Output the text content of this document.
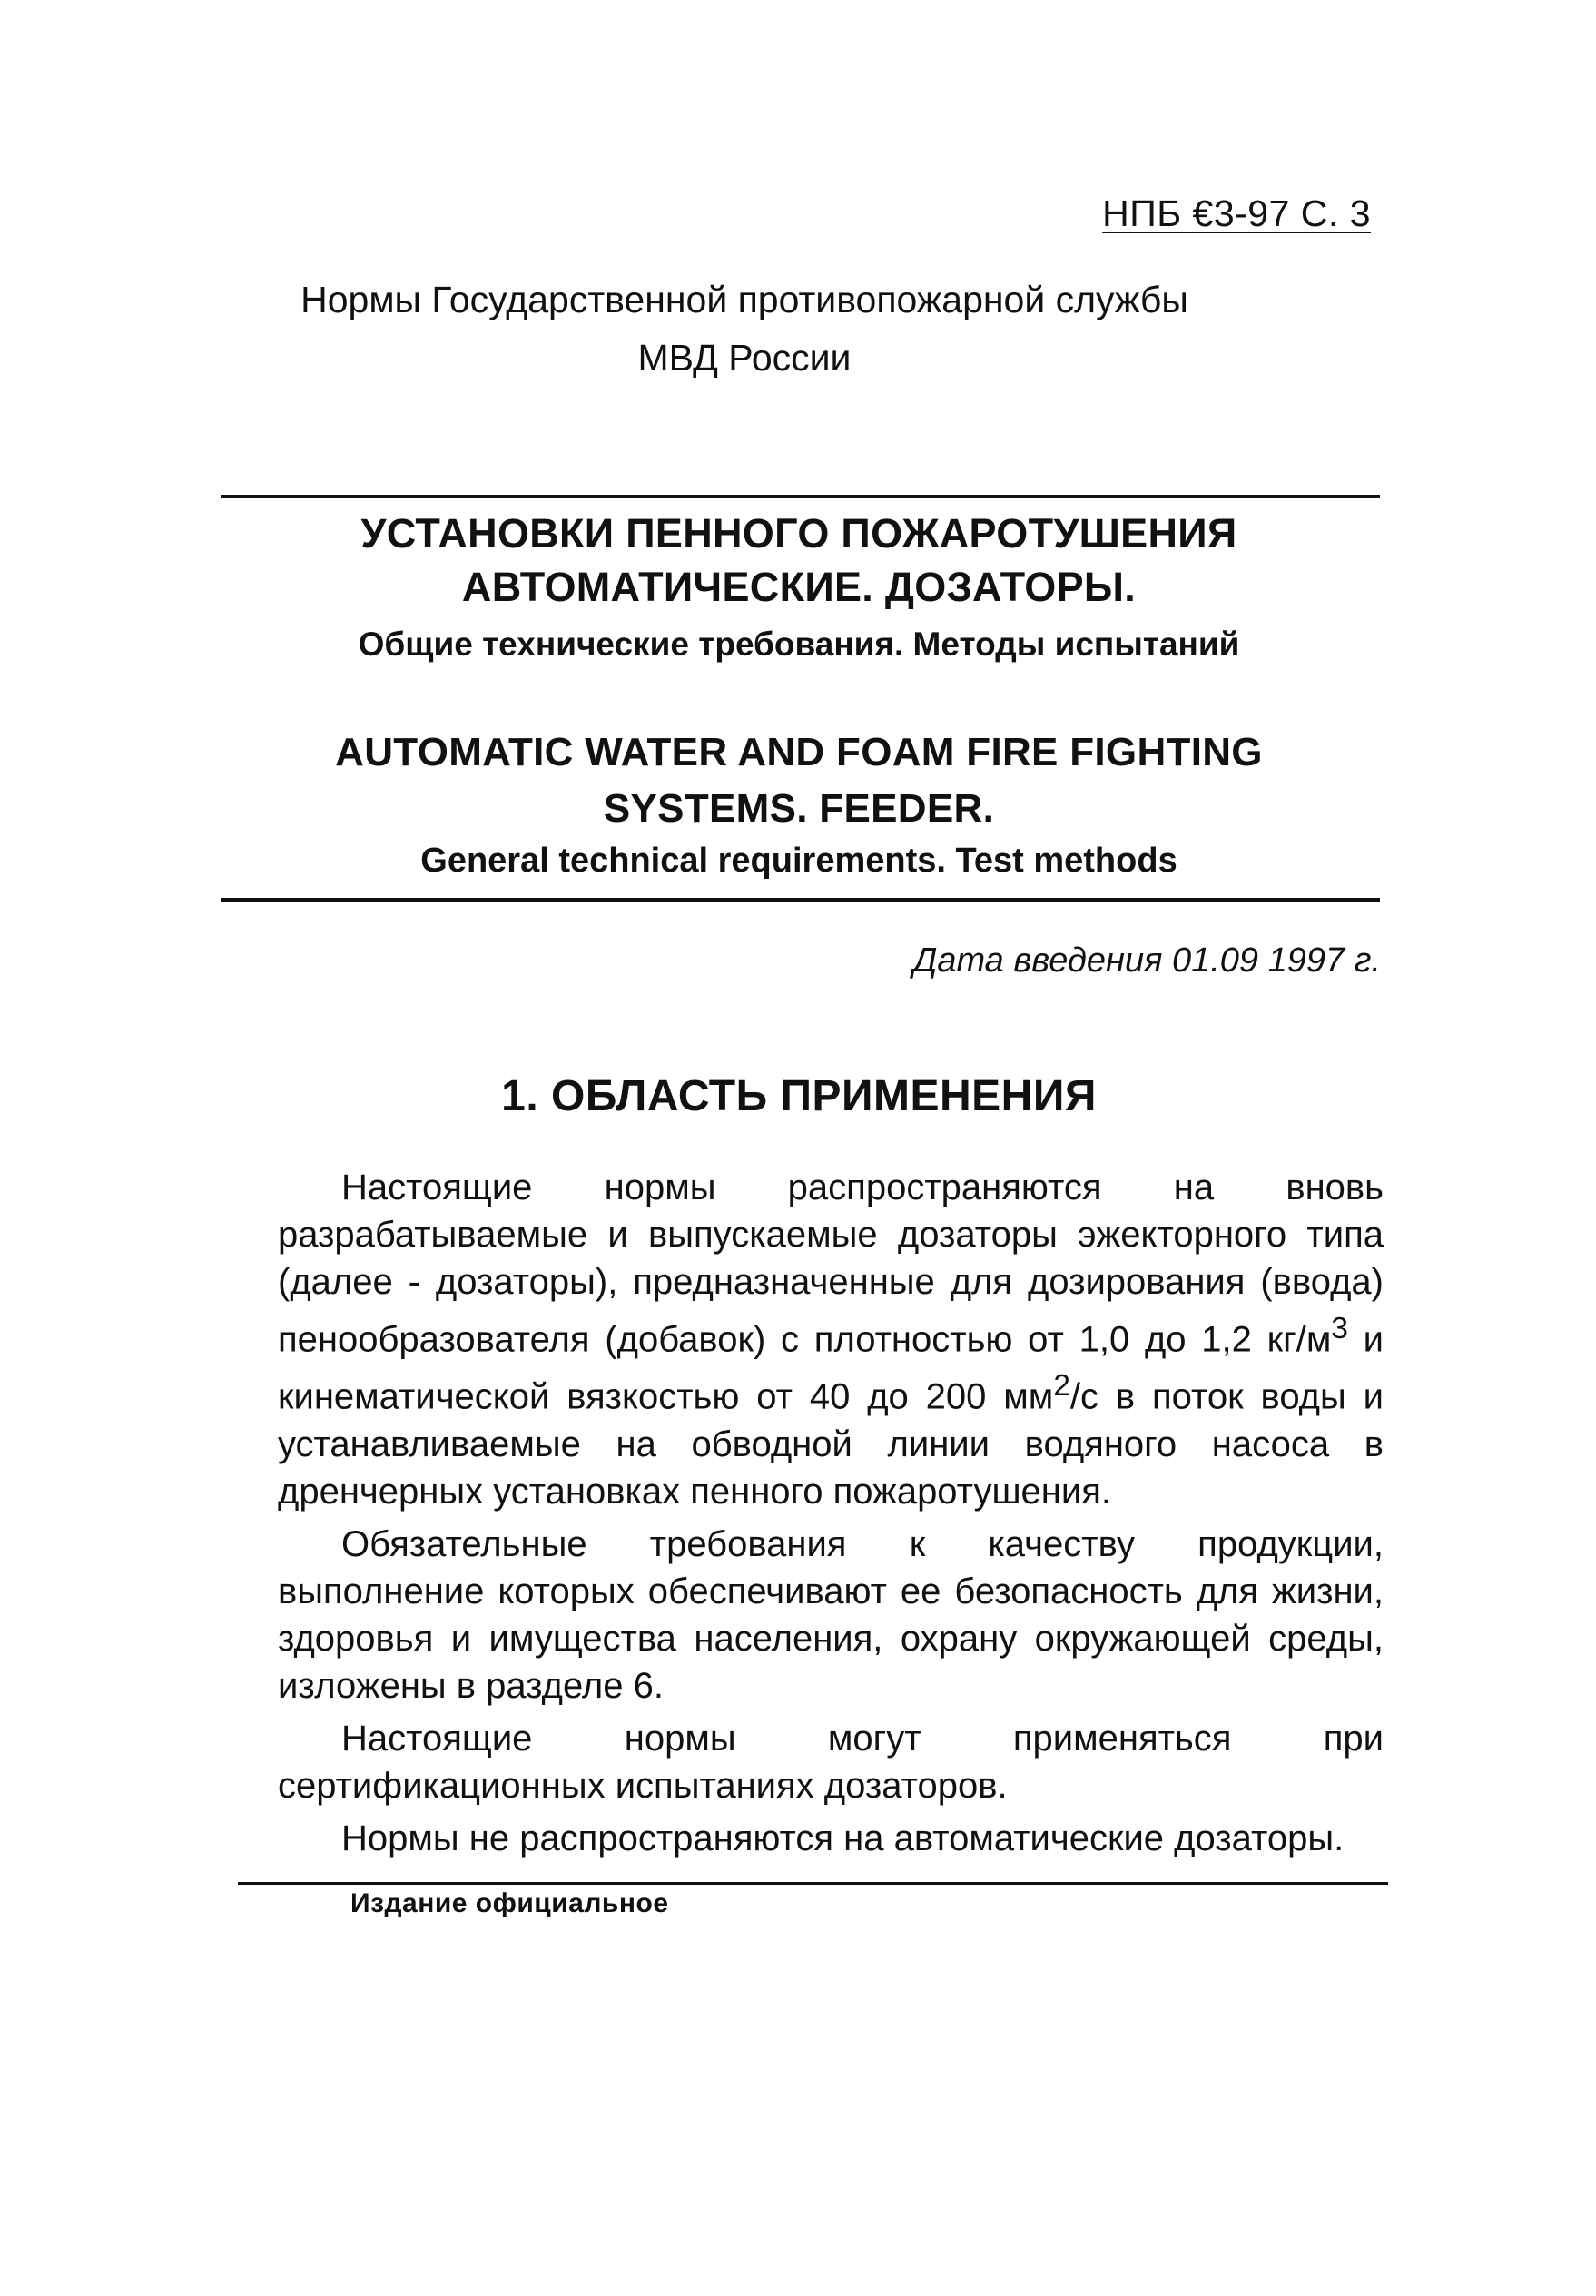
НПБ €3-97 С. 3
Нормы Государственной противопожарной службы
МВД России
УСТАНОВКИ ПЕННОГО ПОЖАРОТУШЕНИЯ
АВТОМАТИЧЕСКИЕ. ДОЗАТОРЫ.
Общие технические требования. Методы испытаний
AUTOMATIC WATER AND FOAM FIRE FIGHTING
SYSTEMS. FEEDER.
General technical requirements. Test methods
Дата введения 01.09 1997 г.
1. ОБЛАСТЬ ПРИМЕНЕНИЯ

Настоящие нормы распространяются на вновь разрабатываемые и выпускаемые дозаторы эжекторного типа (далее - дозаторы), предназначенные для дозирования (ввода) пенообразователя (добавок) с плотностью от 1,0 до 1,2 $кг/м^3$ и кинематической вязкостью от 40 до 200 $мм^2/с$ в поток воды и устанавливаемые на обводной линии водяного насоса в дренчерных установках пенного пожаротушения.

Обязательные требования к качеству продукции, выполнение которых обеспечивают ее безопасность для жизни, здоровья и имущества населения, охрану окружающей среды, изложены в разделе 6.

Настоящие нормы могут применяться при сертификационных испытаниях дозаторов.

Нормы не распространяются на автоматические дозаторы.

Издание официальное
